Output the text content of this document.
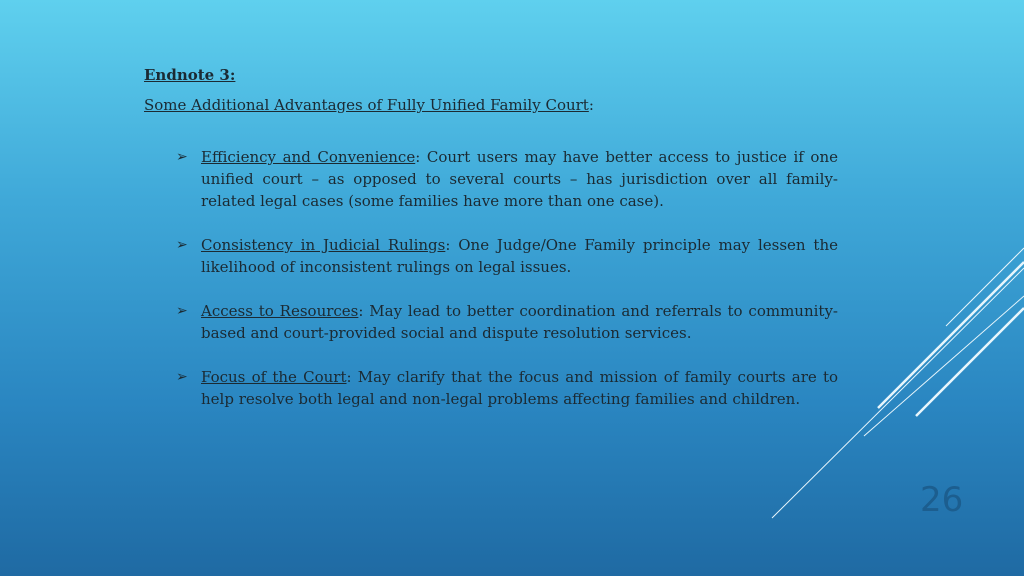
Endnote 3:
Some Additional Advantages of Fully Unified Family Court:
➢ Efficiency and Convenience: Court users may have better access to justice if one unified court – as opposed to several courts – has jurisdiction over all family-related legal cases (some families have more than one case).
➢ Consistency in Judicial Rulings: One Judge/One Family principle may lessen the likelihood of inconsistent rulings on legal issues.
➢ Access to Resources: May lead to better coordination and referrals to community-based and court-provided social and dispute resolution services.
➢ Focus of the Court: May clarify that the focus and mission of family courts are to help resolve both legal and non-legal problems affecting families and children.
26
